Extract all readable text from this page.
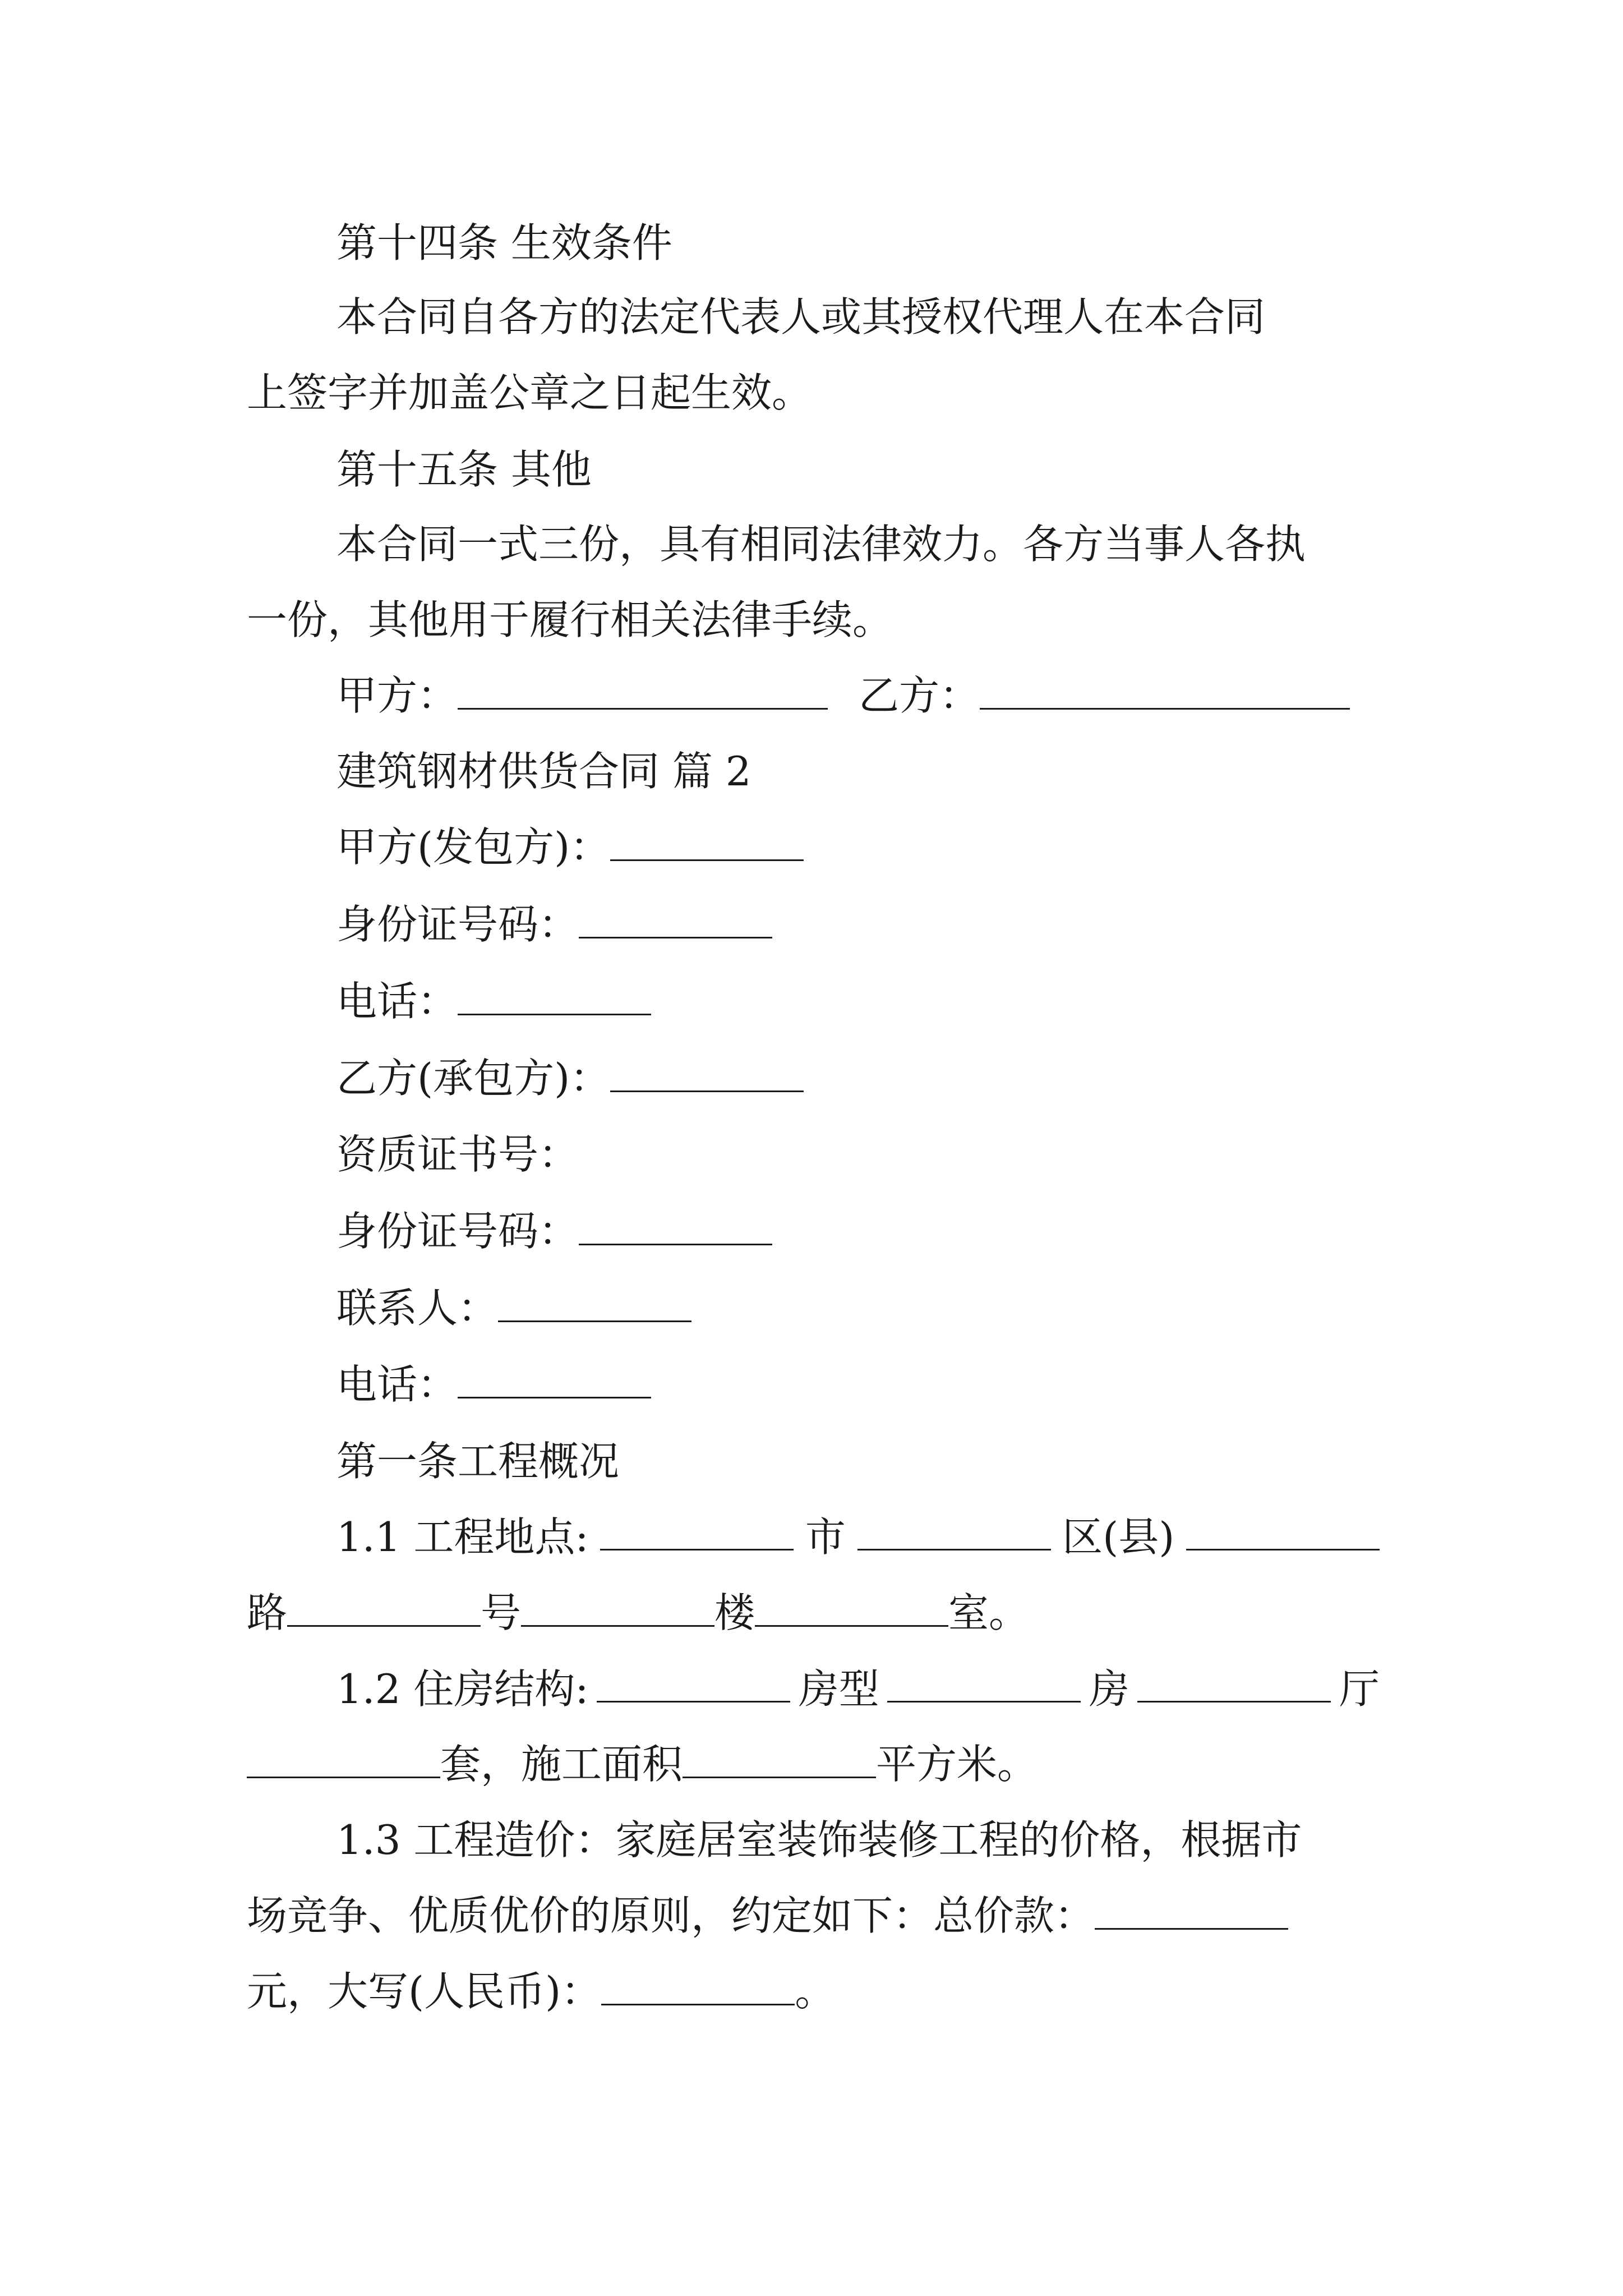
第十四条 生效条件
本合同自各方的法定代表人或其授权代理人在本合同
上签字并加盖公章之日起生效。
第十五条 其他
本合同一式三份，具有相同法律效力。各方当事人各执
一份，其他用于履行相关法律手续。
甲方：	乙方：
建筑钢材供货合同 篇 2
甲方(发包方)：
身份证号码：
电话：
乙方(承包方)：
资质证书号：
身份证号码：
联系人：
电话：
第一条工程概况
1.1 工程地点:	市	区(县)
路	号	楼	室。
1.2 住房结构:	房型	房	厅
套，施工面积	平方米。
1.3 工程造价：家庭居室装饰装修工程的价格，根据市
场竞争、优质优价的原则，约定如下：总价款：
元，大写(人民币)：	。
